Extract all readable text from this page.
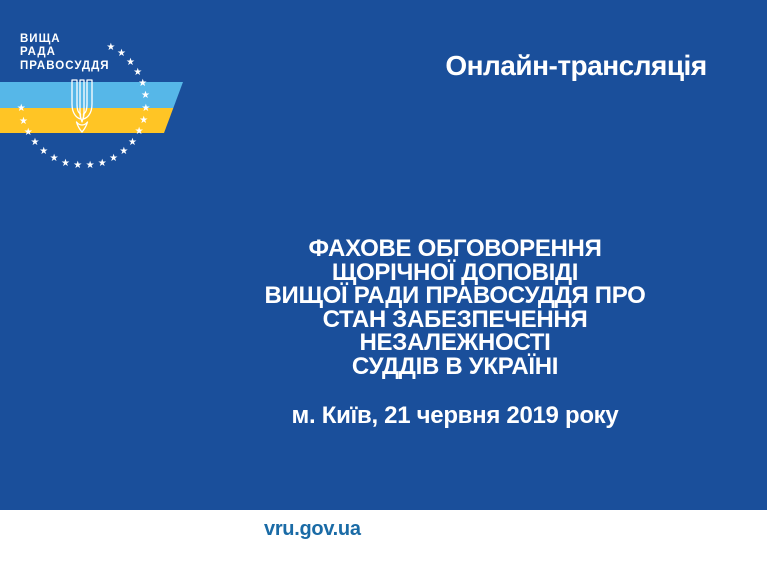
ВИЩА
РАДА
ПРАВОСУДДЯ
★
★
★
★
★
★
★
★
★
★
★
★
★
★
★
★
★
★
★
★
★
★
Онлайн-трансляція
ФАХОВЕ ОБГОВОРЕННЯ
ЩОРІЧНОЇ ДОПОВІДІ
ВИЩОЇ РАДИ ПРАВОСУДДЯ ПРО
СТАН ЗАБЕЗПЕЧЕННЯ
НЕЗАЛЕЖНОСТІ
СУДДІВ В УКРАЇНІ
м. Київ, 21 червня 2019 року
vru.gov.ua
